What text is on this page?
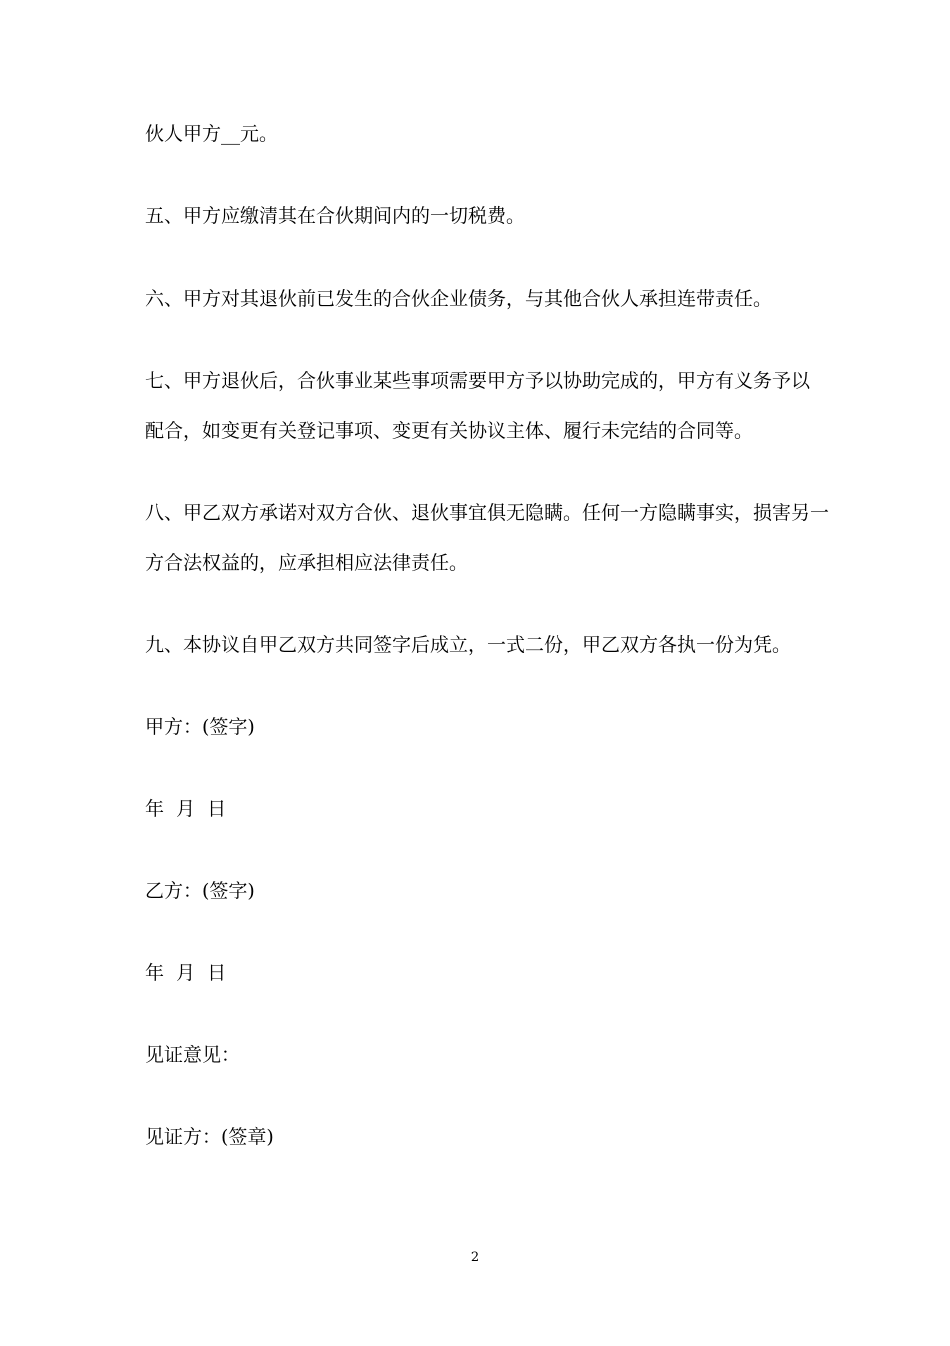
伙人甲方__元。
五、甲方应缴清其在合伙期间内的一切税费。
六、甲方对其退伙前已发生的合伙企业债务，与其他合伙人承担连带责任。
七、甲方退伙后，合伙事业某些事项需要甲方予以协助完成的，甲方有义务予以
配合，如变更有关登记事项、变更有关协议主体、履行未完结的合同等。
八、甲乙双方承诺对双方合伙、退伙事宜俱无隐瞒。任何一方隐瞒事实，损害另一
方合法权益的，应承担相应法律责任。
九、本协议自甲乙双方共同签字后成立，一式二份，甲乙双方各执一份为凭。
甲方：(签字)
年  月  日
乙方：(签字)
年  月  日
见证意见：
见证方：(签章)
2
